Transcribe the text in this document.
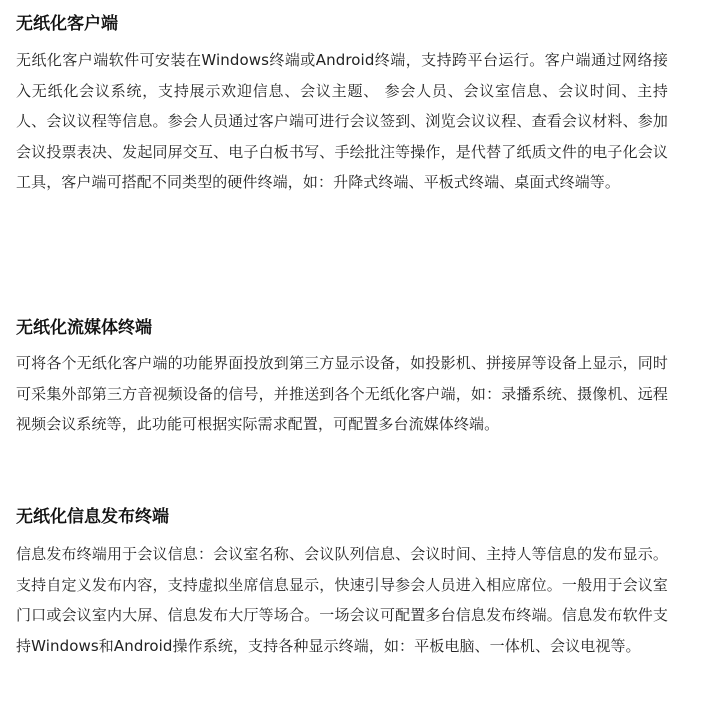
无纸化客户端

无纸化客户端软件可安装在Windows终端或Android终端，支持跨平台运行。客户端通过网络接入无纸化会议系统，支持展示欢迎信息、会议主题、 参会人员、会议室信息、会议时间、主持人、会议议程等信息。参会人员通过客户端可进行会议签到、浏览会议议程、查看会议材料、参加会议投票表决、发起同屏交互、电子白板书写、手绘批注等操作，是代替了纸质文件的电子化会议工具，客户端可搭配不同类型的硬件终端，如：升降式终端、平板式终端、桌面式终端等。

无纸化流媒体终端

可将各个无纸化客户端的功能界面投放到第三方显示设备，如投影机、拼接屏等设备上显示，同时可采集外部第三方音视频设备的信号，并推送到各个无纸化客户端，如：录播系统、摄像机、远程视频会议系统等，此功能可根据实际需求配置，可配置多台流媒体终端。

无纸化信息发布终端

信息发布终端用于会议信息：会议室名称、会议队列信息、会议时间、主持人等信息的发布显示。支持自定义发布内容，支持虚拟坐席信息显示，快速引导参会人员进入相应席位。一般用于会议室门口或会议室内大屏、信息发布大厅等场合。一场会议可配置多台信息发布终端。信息发布软件支持Windows和Android操作系统，支持各种显示终端，如：平板电脑、一体机、会议电视等。
